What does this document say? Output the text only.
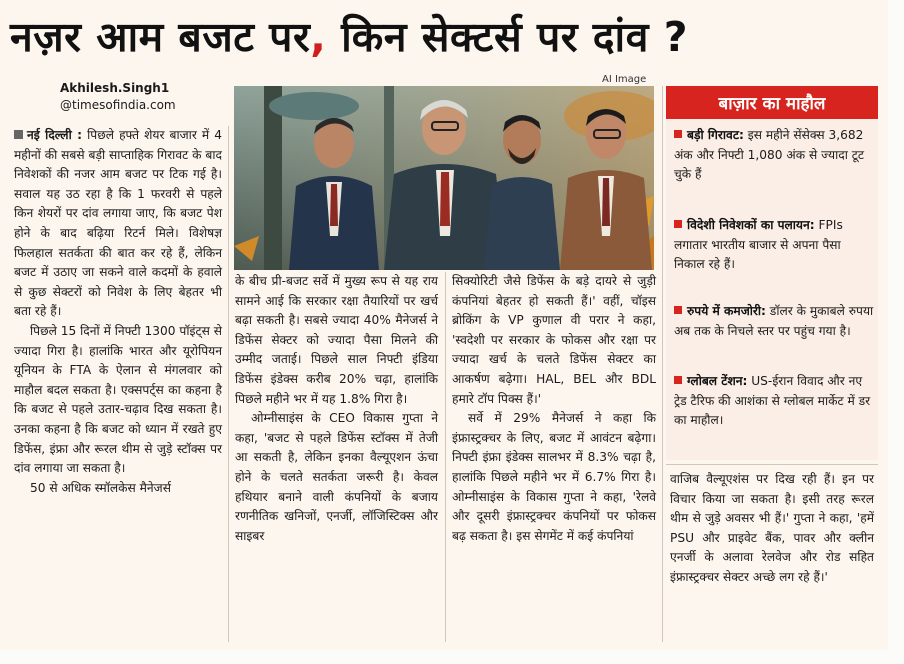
नज़र आम बजट पर, किन सेक्टर्स पर दांव ?
Akhilesh.Singh1
@timesofindia.com
AI Image

नई दिल्ली : पिछले हफ्ते शेयर बाजार में 4 महीनों की सबसे बड़ी साप्ताहिक गिरावट के बाद निवेशकों की नजर आम बजट पर टिक गई है। सवाल यह उठ रहा है कि 1 फरवरी से पहले किन शेयरों पर दांव लगाया जाए, कि बजट पेश होने के बाद बढ़िया रिटर्न मिले। विशेषज्ञ फिलहाल सतर्कता की बात कर रहे हैं, लेकिन बजट में उठाए जा सकने वाले कदमों के हवाले से कुछ सेक्टरों को निवेश के लिए बेहतर भी बता रहे हैं।

पिछले 15 दिनों में निफ्टी 1300 पॉइंट्स से ज्यादा गिरा है। हालांकि भारत और यूरोपियन यूनियन के FTA के ऐलान से मंगलवार को माहौल बदल सकता है। एक्सपर्ट्स का कहना है कि बजट से पहले उतार-चढ़ाव दिख सकता है। उनका कहना है कि बजट को ध्यान में रखते हुए डिफेंस, इंफ्रा और रूरल थीम से जुड़े स्टॉक्स पर दांव लगाया जा सकता है।

50 से अधिक स्मॉलकेस मैनेजर्स

के बीच प्री-बजट सर्वे में मुख्य रूप से यह राय सामने आई कि सरकार रक्षा तैयारियों पर खर्च बढ़ा सकती है। सबसे ज्यादा 40% मैनेजर्स ने डिफेंस सेक्टर को ज्यादा पैसा मिलने की उम्मीद जताई। पिछले साल निफ्टी इंडिया डिफेंस इंडेक्स करीब 20% चढ़ा, हालांकि पिछले महीने भर में यह 1.8% गिरा है।

ओम्नीसाइंस के CEO विकास गुप्ता ने कहा, 'बजट से पहले डिफेंस स्टॉक्स में तेजी आ सकती है, लेकिन इनका वैल्यूएशन ऊंचा होने के चलते सतर्कता जरूरी है। केवल हथियार बनाने वाली कंपनियों के बजाय रणनीतिक खनिजों, एनर्जी, लॉजिस्टिक्स और साइबर

सिक्योरिटी जैसे डिफेंस के बड़े दायरे से जुड़ी कंपनियां बेहतर हो सकती हैं।' वहीं, चॉइस ब्रोकिंग के VP कुणाल वी परार ने कहा, 'स्वदेशी पर सरकार के फोकस और रक्षा पर ज्यादा खर्च के चलते डिफेंस सेक्टर का आकर्षण बढ़ेगा। HAL, BEL और BDL हमारे टॉप पिक्स हैं।'

सर्वे में 29% मैनेजर्स ने कहा कि इंफ्रास्ट्रक्चर के लिए, बजट में आवंटन बढ़ेगा। निफ्टी इंफ्रा इंडेक्स सालभर में 8.3% चढ़ा है, हालांकि पिछले महीने भर में 6.7% गिरा है। ओम्नीसाइंस के विकास गुप्ता ने कहा, 'रेलवे और दूसरी इंफ्रास्ट्रक्चर कंपनियों पर फोकस बढ़ सकता है। इस सेगमेंट में कई कंपनियां

बाज़ार का माहौल
बड़ी गिरावट: इस महीने सेंसेक्स 3,682 अंक और निफ्टी 1,080 अंक से ज्यादा टूट चुके हैं
विदेशी निवेशकों का पलायन: FPIs लगातार भारतीय बाजार से अपना पैसा निकाल रहे हैं।
रुपये में कमजोरी: डॉलर के मुकाबले रुपया अब तक के निचले स्तर पर पहुंच गया है।
ग्लोबल टेंशन: US-ईरान विवाद और नए ट्रेड टैरिफ की आशंका से ग्लोबल मार्केट में डर का माहौल।

वाजिब वैल्यूएशंस पर दिख रही हैं। इन पर विचार किया जा सकता है। इसी तरह रूरल थीम से जुड़े अवसर भी हैं।' गुप्ता ने कहा, 'हमें PSU और प्राइवेट बैंक, पावर और क्लीन एनर्जी के अलावा रेलवेज और रोड सहित इंफ्रास्ट्रक्चर सेक्टर अच्छे लग रहे हैं।'
